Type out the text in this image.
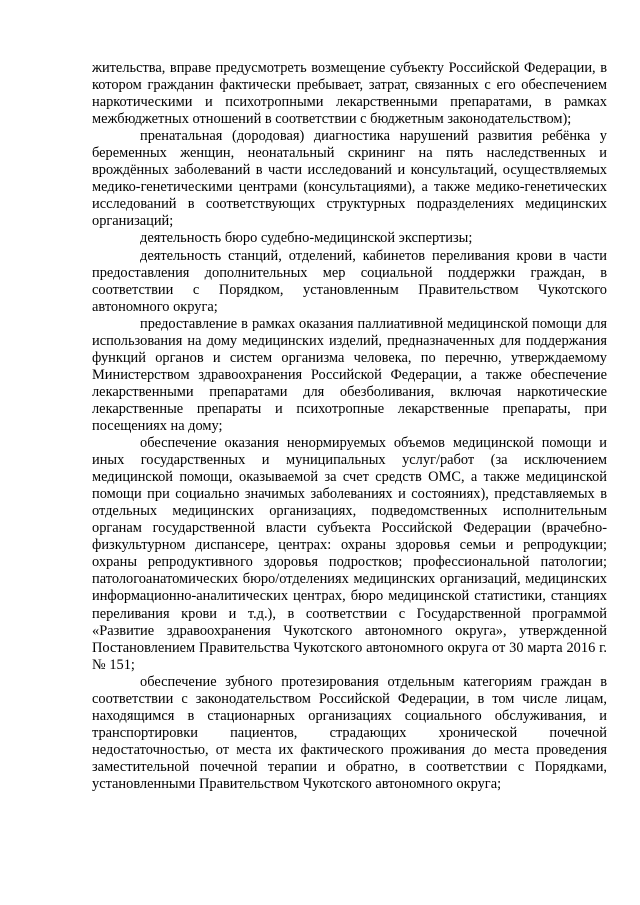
жительства, вправе предусмотреть возмещение субъекту Российской Федерации, в котором гражданин фактически пребывает, затрат, связанных с его обеспечением наркотическими и психотропными лекарственными препаратами, в рамках межбюджетных отношений в соответствии с бюджетным законодательством);

пренатальная (дородовая) диагностика нарушений развития ребёнка у беременных женщин, неонатальный скрининг на пять наследственных и врождённых заболеваний в части исследований и консультаций, осуществляемых медико-генетическими центрами (консультациями), а также медико-генетических исследований в соответствующих структурных подразделениях медицинских организаций;

деятельность бюро судебно-медицинской экспертизы;

деятельность станций, отделений, кабинетов переливания крови в части предоставления дополнительных мер социальной поддержки граждан, в соответствии с Порядком, установленным Правительством Чукотского автономного округа;

предоставление в рамках оказания паллиативной медицинской помощи для использования на дому медицинских изделий, предназначенных для поддержания функций органов и систем организма человека, по перечню, утверждаемому Министерством здравоохранения Российской Федерации, а также обеспечение лекарственными препаратами для обезболивания, включая наркотические лекарственные препараты и психотропные лекарственные препараты, при посещениях на дому;

обеспечение оказания ненормируемых объемов медицинской помощи и иных государственных и муниципальных услуг/работ (за исключением медицинской помощи, оказываемой за счет средств ОМС, а также медицинской помощи при социально значимых заболеваниях и состояниях), представляемых в отдельных медицинских организациях, подведомственных исполнительным органам государственной власти субъекта Российской Федерации (врачебно-физкультурном диспансере, центрах: охраны здоровья семьи и репродукции; охраны репродуктивного здоровья подростков; профессиональной патологии; патологоанатомических бюро/отделениях медицинских организаций, медицинских информационно-аналитических центрах, бюро медицинской статистики, станциях переливания крови и т.д.), в соответствии с Государственной программой «Развитие здравоохранения Чукотского автономного округа», утвержденной Постановлением Правительства Чукотского автономного округа от 30 марта 2016 г. № 151;

обеспечение зубного протезирования отдельным категориям граждан в соответствии с законодательством Российской Федерации, в том числе лицам, находящимся в стационарных организациях социального обслуживания, и транспортировки пациентов, страдающих хронической почечной недостаточностью, от места их фактического проживания до места проведения заместительной почечной терапии и обратно, в соответствии с Порядками, установленными Правительством Чукотского автономного округа;
